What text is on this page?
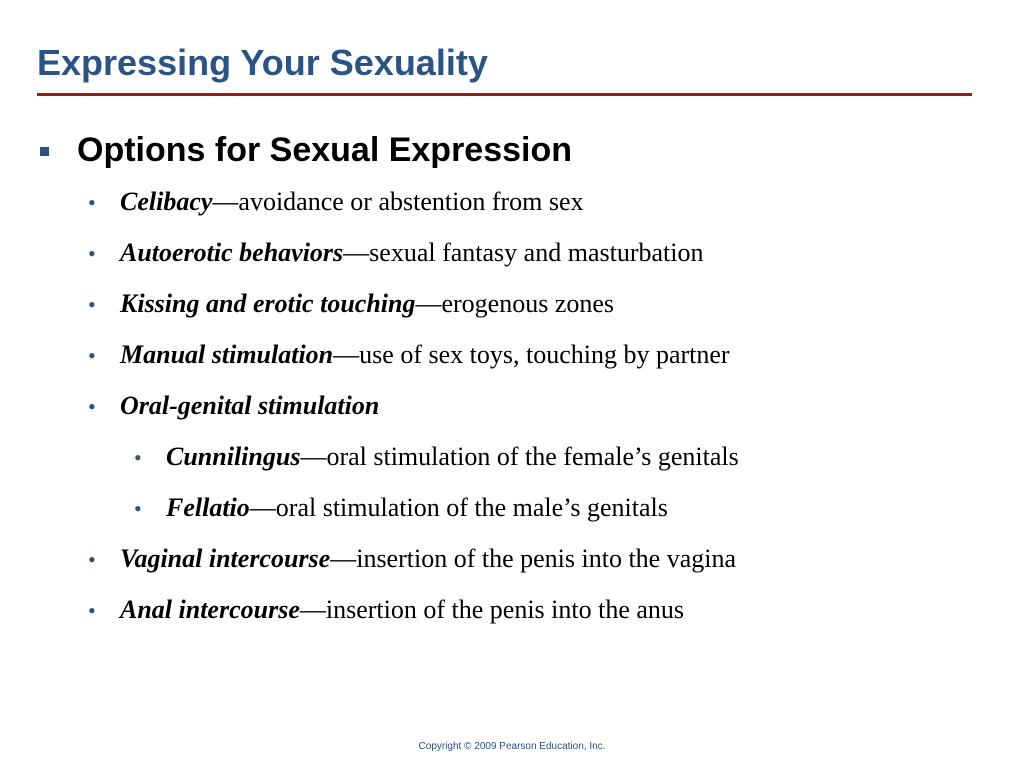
Expressing Your Sexuality
Options for Sexual Expression
• Celibacy —avoidance or abstention from sex
• Autoerotic behaviors —sexual fantasy and masturbation
• Kissing and erotic touching —erogenous zones
• Manual stimulation —use of sex toys, touching by partner
• Oral-genital stimulation
• Cunnilingus —oral stimulation of the female’s genitals
• Fellatio —oral stimulation of the male’s genitals
• Vaginal intercourse —insertion of the penis into the vagina
• Anal intercourse —insertion of the penis into the anus
Copyright © 2009 Pearson Education, Inc.
